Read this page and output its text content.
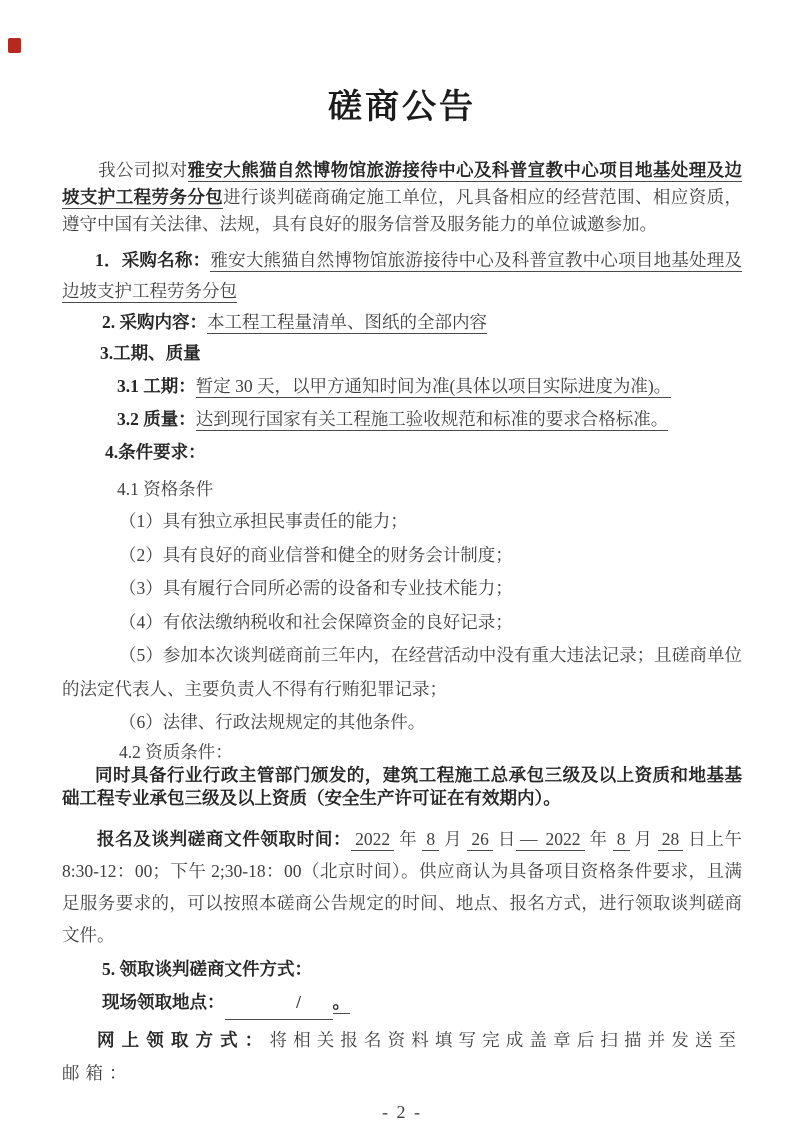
磋商公告

我公司拟对雅安大熊猫自然博物馆旅游接待中心及科普宣教中心项目地基处理及边坡支护工程劳务分包进行谈判磋商确定施工单位，凡具备相应的经营范围、相应资质，遵守中国有关法律、法规，具有良好的服务信誉及服务能力的单位诚邀参加。

1．采购名称：雅安大熊猫自然博物馆旅游接待中心及科普宣教中心项目地基处理及边坡支护工程劳务分包

2. 采购内容：本工程工程量清单、图纸的全部内容

3.工期、质量

3.1 工期：暂定 30 天，以甲方通知时间为准(具体以项目实际进度为准)。

3.2 质量：达到现行国家有关工程施工验收规范和标准的要求合格标准。

4.条件要求：

4.1 资格条件

（1）具有独立承担民事责任的能力；

（2）具有良好的商业信誉和健全的财务会计制度；

（3）具有履行合同所必需的设备和专业技术能力；

（4）有依法缴纳税收和社会保障资金的良好记录；

（5）参加本次谈判磋商前三年内，在经营活动中没有重大违法记录；且磋商单位的法定代表人、主要负责人不得有行贿犯罪记录；

（6）法律、行政法规规定的其他条件。

4.2 资质条件：

同时具备行业行政主管部门颁发的，建筑工程施工总承包三级及以上资质和地基基础工程专业承包三级及以上资质（安全生产许可证在有效期内）。

报名及谈判磋商文件领取时间： 2022 年 8 月 26 日 — 2022 年 8 月 28 日上午 8:30-12：00；下午 2;30-18：00（北京时间）。供应商认为具备项目资格条件要求，且满足服务要求的，可以按照本磋商公告规定的时间、地点、报名方式，进行领取谈判磋商文件。

5. 领取谈判磋商文件方式：

现场领取地点：	/ 。

网上领取方式：将相关报名资料填写完成盖章后扫描并发送至邮箱：

- 2 -
